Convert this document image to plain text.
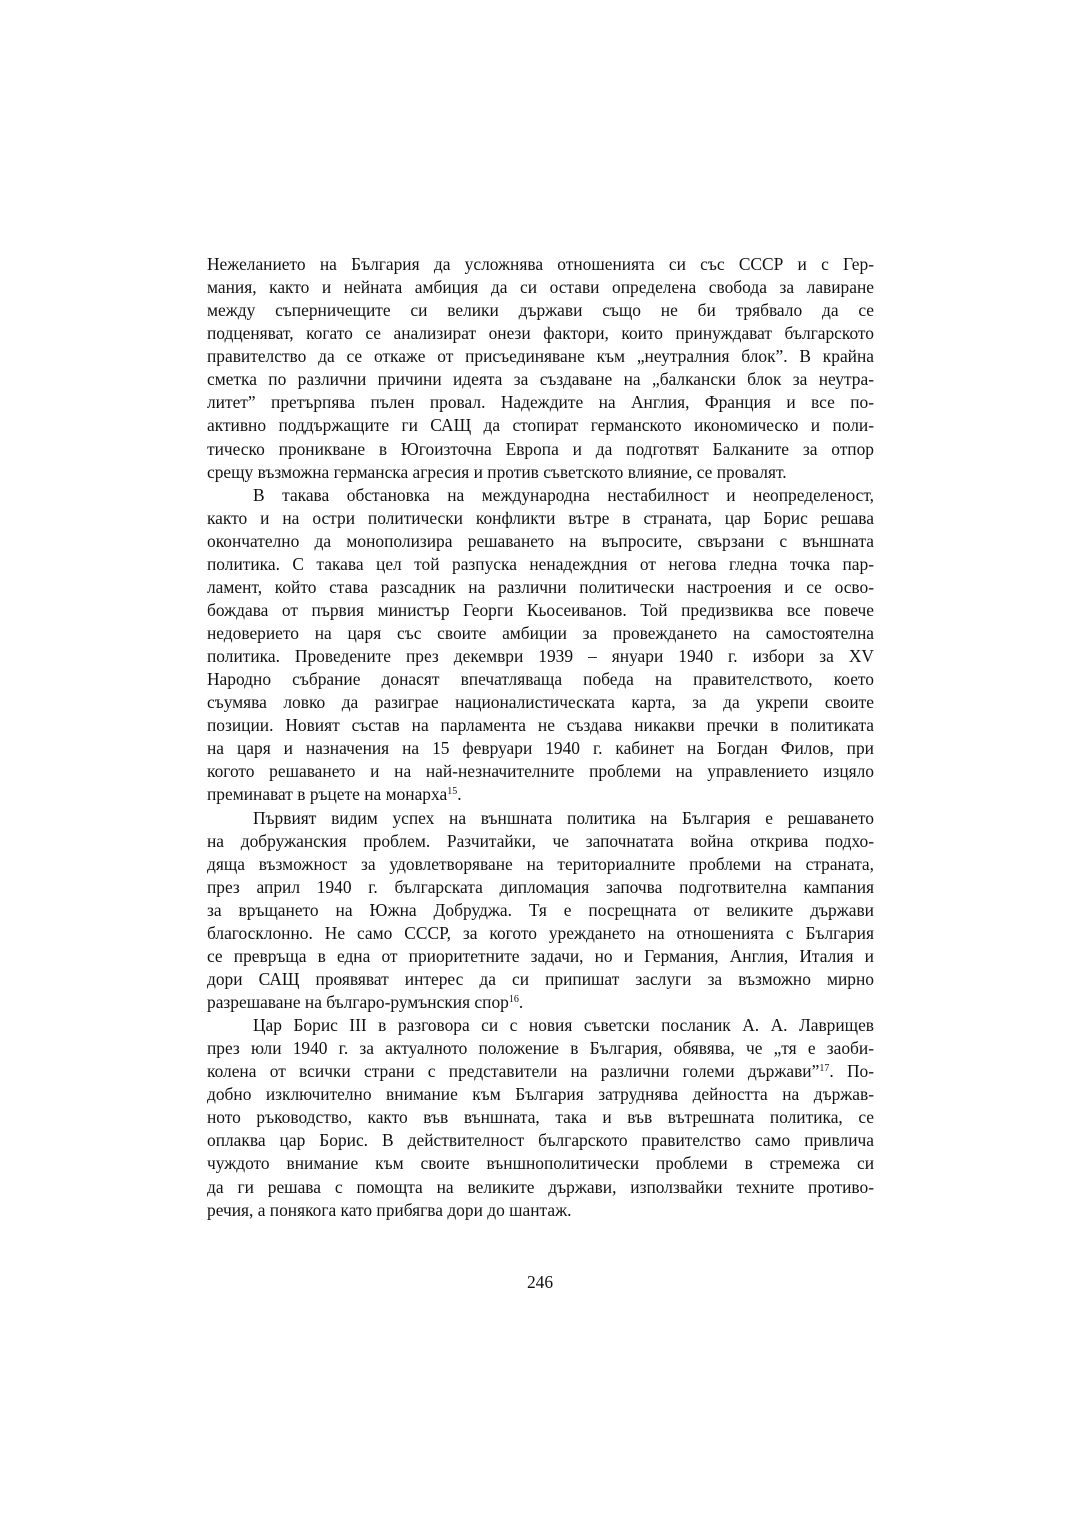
Нежеланието на България да усложнява отношенията си със СССР и с Гер-
мания, както и нейната амбиция да си остави определена свобода за лавиране
между съперничещите си велики държави също не би трябвало да се
подценяват, когато се анализират онези фактори, които принуждават българското
правителство да се откаже от присъединяване към „неутралния блок”. В крайна
сметка по различни причини идеята за създаване на „балкански блок за неутра-
литет” претърпява пълен провал. Надеждите на Англия, Франция и все по-
активно поддържащите ги САЩ да стопират германското икономическо и поли-
тическо проникване в Югоизточна Европа и да подготвят Балканите за отпор
срещу възможна германска агресия и против съветското влияние, се провалят.
В такава обстановка на международна нестабилност и неопределеност,
както и на остри политически конфликти вътре в страната, цар Борис решава
окончателно да монополизира решаването на въпросите, свързани с външната
политика. С такава цел той разпуска ненадеждния от негова гледна точка пар-
ламент, който става разсадник на различни политически настроения и се осво-
бождава от първия министър Георги Кьосеиванов. Той предизвиква все повече
недоверието на царя със своите амбиции за провеждането на самостоятелна
политика. Проведените през декември 1939 – януари 1940 г. избори за XV
Народно събрание донасят впечатляваща победа на правителството, което
съумява ловко да разиграе националистическата карта, за да укрепи своите
позиции. Новият състав на парламента не създава никакви пречки в политиката
на царя и назначения на 15 февруари 1940 г. кабинет на Богдан Филов, при
когото решаването и на най-незначителните проблеми на управлението изцяло
преминават в ръцете на монарха$^{15}$.
Първият видим успех на външната политика на България е решаването
на добружанския проблем. Разчитайки, че започнатата война открива подхо-
дяща възможност за удовлетворяване на териториалните проблеми на страната,
през април 1940 г. българската дипломация започва подготвителна кампания
за връщането на Южна Добруджа. Тя е посрещната от великите държави
благосклонно. Не само СССР, за когото уреждането на отношенията с България
се превръща в една от приоритетните задачи, но и Германия, Англия, Италия и
дори САЩ проявяват интерес да си припишат заслуги за възможно мирно
разрешаване на българо-румънския спор$^{16}$.
Цар Борис III в разговора си с новия съветски посланик А. А. Лаврищев
през юли 1940 г. за актуалното положение в България, обявява, че „тя е заоби-
колена от всички страни с представители на различни големи държави”$^{17}$. По-
добно изключително внимание към България затруднява дейността на държав-
ното ръководство, както във външната, така и във вътрешната политика, се
оплаква цар Борис. В действителност българското правителство само привлича
чуждото внимание към своите външнополитически проблеми в стремежа си
да ги решава с помощта на великите държави, използвайки техните противо-
речия, а понякога като прибягва дори до шантаж.
246
